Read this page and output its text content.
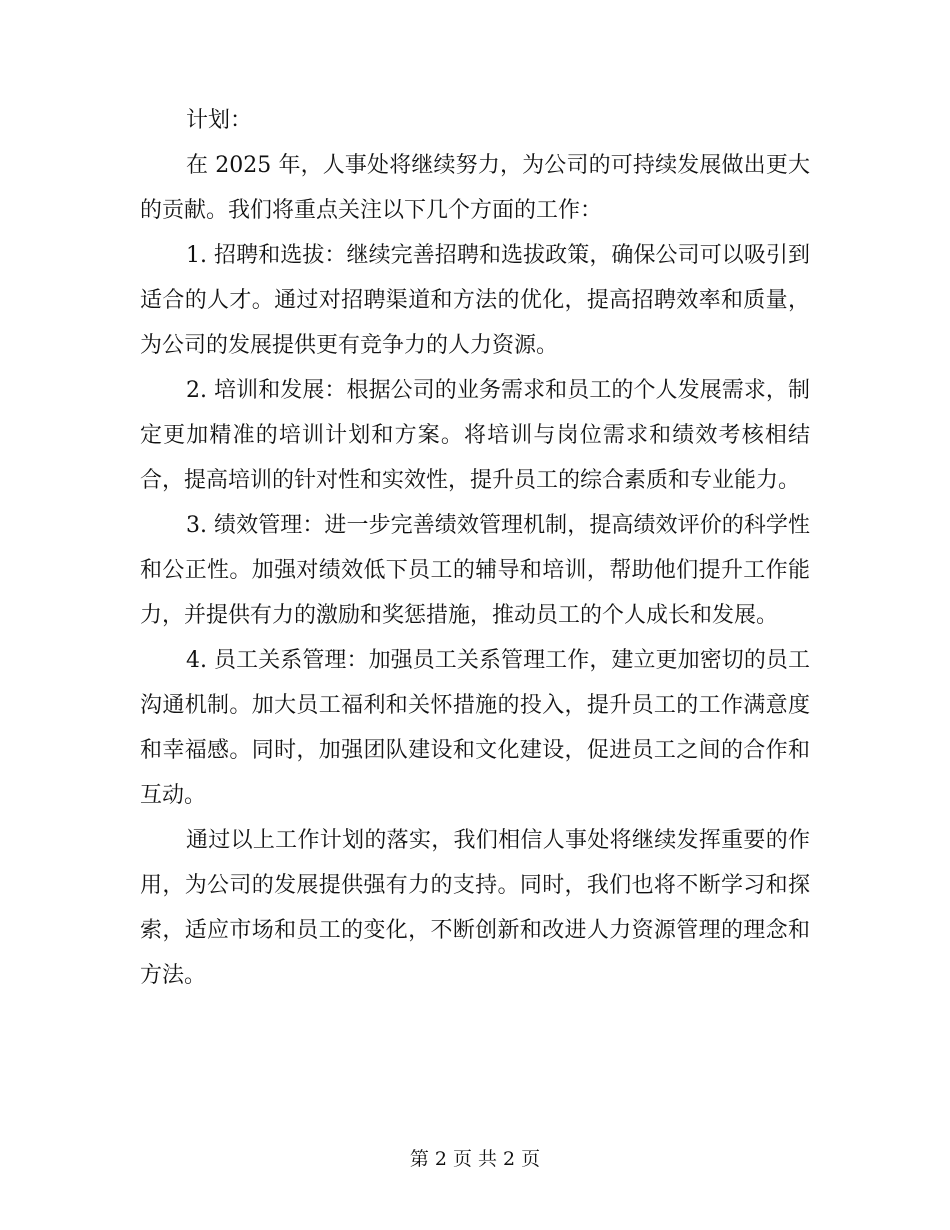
计划：

在 2025 年，人事处将继续努力，为公司的可持续发展做出更大的贡献。我们将重点关注以下几个方面的工作：

1. 招聘和选拔：继续完善招聘和选拔政策，确保公司可以吸引到适合的人才。通过对招聘渠道和方法的优化，提高招聘效率和质量，为公司的发展提供更有竞争力的人力资源。

2. 培训和发展：根据公司的业务需求和员工的个人发展需求，制定更加精准的培训计划和方案。将培训与岗位需求和绩效考核相结合，提高培训的针对性和实效性，提升员工的综合素质和专业能力。

3. 绩效管理：进一步完善绩效管理机制，提高绩效评价的科学性和公正性。加强对绩效低下员工的辅导和培训，帮助他们提升工作能力，并提供有力的激励和奖惩措施，推动员工的个人成长和发展。

4. 员工关系管理：加强员工关系管理工作，建立更加密切的员工沟通机制。加大员工福利和关怀措施的投入，提升员工的工作满意度和幸福感。同时，加强团队建设和文化建设，促进员工之间的合作和互动。

通过以上工作计划的落实，我们相信人事处将继续发挥重要的作用，为公司的发展提供强有力的支持。同时，我们也将不断学习和探索，适应市场和员工的变化，不断创新和改进人力资源管理的理念和方法。

第 2 页 共 2 页
